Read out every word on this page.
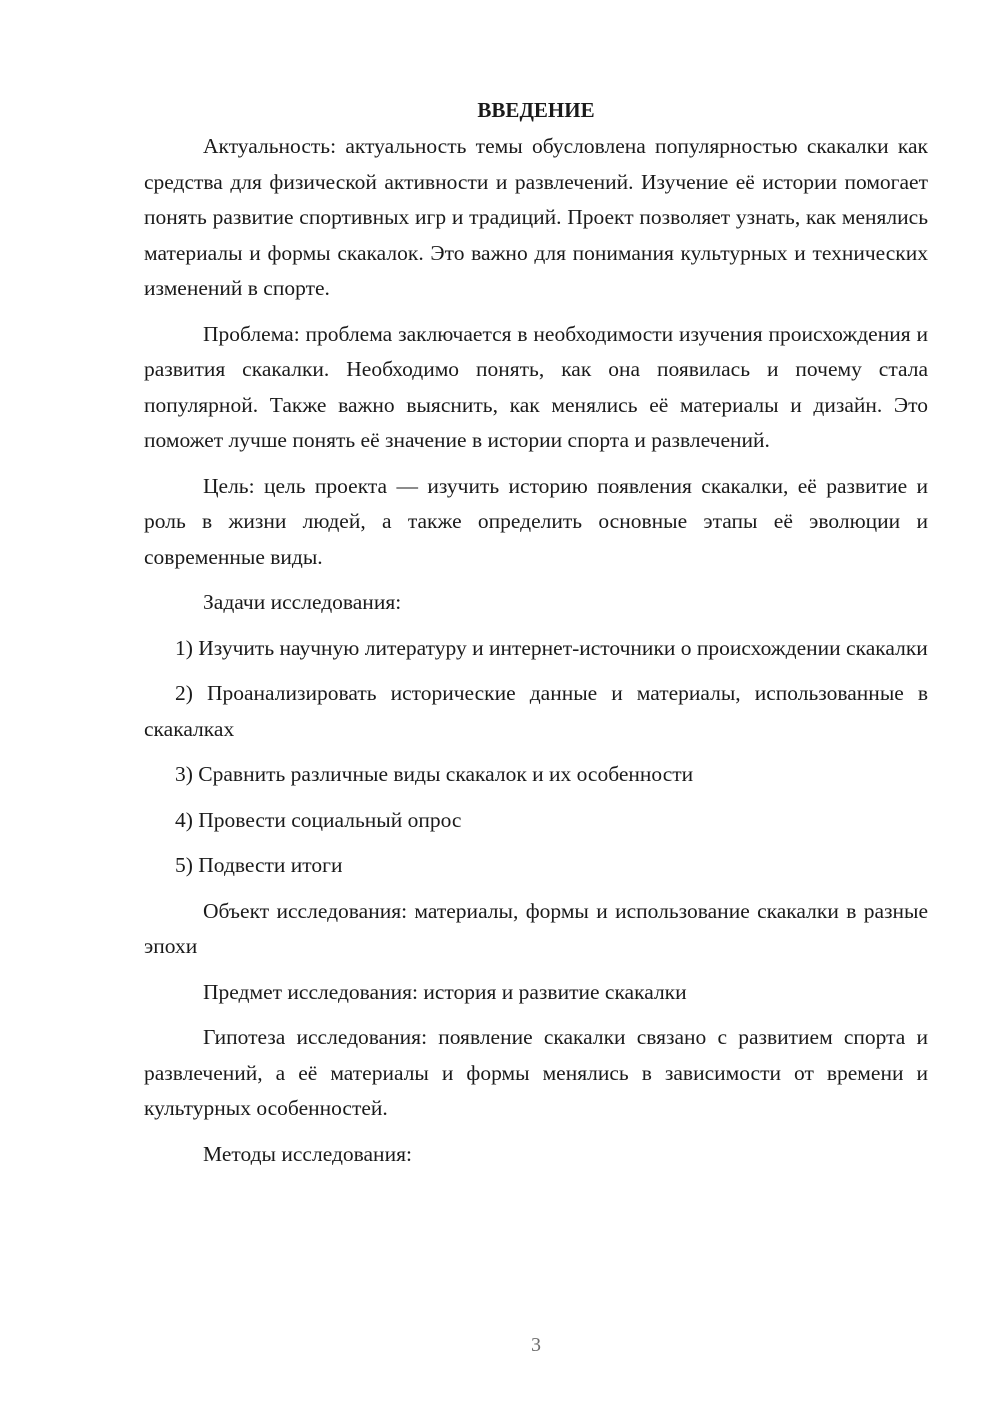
ВВЕДЕНИЕ

Актуальность: актуальность темы обусловлена популярностью скакалки как средства для физической активности и развлечений. Изучение её истории помогает понять развитие спортивных игр и традиций. Проект позволяет узнать, как менялись материалы и формы скакалок. Это важно для понимания культурных и технических изменений в спорте.

Проблема: проблема заключается в необходимости изучения происхождения и развития скакалки. Необходимо понять, как она появилась и почему стала популярной. Также важно выяснить, как менялись её материалы и дизайн. Это поможет лучше понять её значение в истории спорта и развлечений.

Цель: цель проекта — изучить историю появления скакалки, её развитие и роль в жизни людей, а также определить основные этапы её эволюции и современные виды.

Задачи исследования:

1) Изучить научную литературу и интернет-источники о происхождении скакалки

2) Проанализировать исторические данные и материалы, использованные в скакалках

3) Сравнить различные виды скакалок и их особенности

4) Провести социальный опрос

5) Подвести итоги

Объект исследования: материалы, формы и использование скакалки в разные эпохи

Предмет исследования: история и развитие скакалки

Гипотеза исследования: появление скакалки связано с развитием спорта и развлечений, а её материалы и формы менялись в зависимости от времени и культурных особенностей.

Методы исследования:

3
